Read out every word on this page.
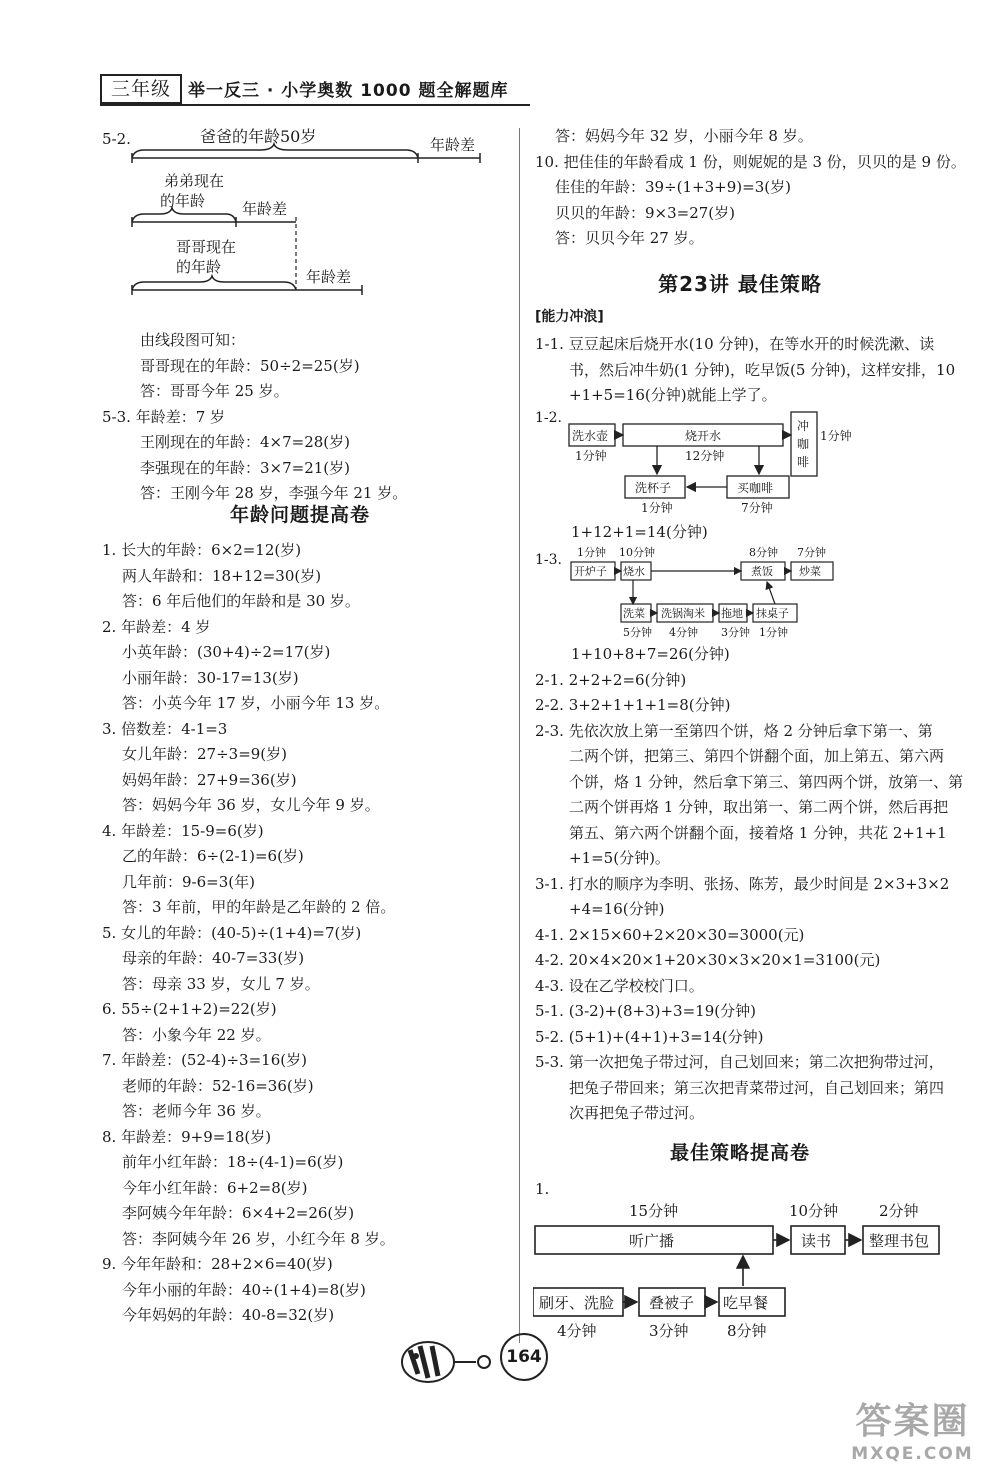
三年级	举一反三 · 小学奥数 1000 题全解题库
5-2.	爸爸的年龄50岁	年龄差
弟弟现在
的年龄 年龄差
哥哥现在
的年龄
年龄差
由线段图可知：
哥哥现在的年龄：50÷2=25(岁)
答：哥哥今年 25 岁。
5-3. 年龄差：7 岁
王刚现在的年龄：4×7=28(岁)
李强现在的年龄：3×7=21(岁)
答：王刚今年 28 岁，李强今年 21 岁。
年龄问题提高卷
1. 长大的年龄：6×2=12(岁)
两人年龄和：18+12=30(岁)
答：6 年后他们的年龄和是 30 岁。
2. 年龄差：4 岁
小英年龄：(30+4)÷2=17(岁)
小丽年龄：30-17=13(岁)
答：小英今年 17 岁，小丽今年 13 岁。
3. 倍数差：4-1=3
女儿年龄：27÷3=9(岁)
妈妈年龄：27+9=36(岁)
答：妈妈今年 36 岁，女儿今年 9 岁。
4. 年龄差：15-9=6(岁)
乙的年龄：6÷(2-1)=6(岁)
几年前：9-6=3(年)
答：3 年前，甲的年龄是乙年龄的 2 倍。
5. 女儿的年龄：(40-5)÷(1+4)=7(岁)
母亲的年龄：40-7=33(岁)
答：母亲 33 岁，女儿 7 岁。
6. 55÷(2+1+2)=22(岁)
答：小象今年 22 岁。
7. 年龄差：(52-4)÷3=16(岁)
老师的年龄：52-16=36(岁)
答：老师今年 36 岁。
8. 年龄差：9+9=18(岁)
前年小红年龄：18÷(4-1)=6(岁)
今年小红年龄：6+2=8(岁)
李阿姨今年年龄：6×4+2=26(岁)
答：李阿姨今年 26 岁，小红今年 8 岁。
9. 今年年龄和：28+2×6=40(岁)
今年小丽的年龄：40÷(1+4)=8(岁)
今年妈妈的年龄：40-8=32(岁)
答：妈妈今年 32 岁，小丽今年 8 岁。
10. 把佳佳的年龄看成 1 份，则妮妮的是 3 份，贝贝的是 9 份。
佳佳的年龄：39÷(1+3+9)=3(岁)
贝贝的年龄：9×3=27(岁)
答：贝贝今年 27 岁。
第23讲 最佳策略
[能力冲浪]
1-1. 豆豆起床后烧开水(10 分钟)，在等水开的时候洗漱、读
书，然后冲牛奶(1 分钟)，吃早饭(5 分钟)，这样安排，10
+1+5=16(分钟)就能上学了。
1-2.
洗水壶	烧开水
冲
咖
啡
1分钟
1分钟	12分钟
洗杯子	买咖啡
1分钟	7分钟
1+12+1=14(分钟)
1-3. 1分钟 10分钟	8分钟 7分钟
开炉子 烧水	煮饭 炒菜
洗菜 洗锅淘米 拖地 抹桌子
5分钟 4分钟 3分钟 1分钟
1+10+8+7=26(分钟)
2-1. 2+2+2=6(分钟)
2-2. 3+2+1+1+1=8(分钟)
2-3. 先依次放上第一至第四个饼，烙 2 分钟后拿下第一、第
二两个饼，把第三、第四个饼翻个面，加上第五、第六两
个饼，烙 1 分钟，然后拿下第三、第四两个饼，放第一、第
二两个饼再烙 1 分钟，取出第一、第二两个饼，然后再把
第五、第六两个饼翻个面，接着烙 1 分钟，共花 2+1+1
+1=5(分钟)。
3-1. 打水的顺序为李明、张扬、陈芳，最少时间是 2×3+3×2
+4=16(分钟)
4-1. 2×15×60+2×20×30=3000(元)
4-2. 20×4×20×1+20×30×3×20×1=3100(元)
4-3. 设在乙学校校门口。
5-1. (3-2)+(8+3)+3=19(分钟)
5-2. (5+1)+(4+1)+3=14(分钟)
5-3. 第一次把兔子带过河，自己划回来；第二次把狗带过河，
把兔子带回来；第三次把青菜带过河，自己划回来；第四
次再把兔子带过河。
最佳策略提高卷
1.
15分钟	10分钟	2分钟
听广播	读书	整理书包
刷牙、洗脸 叠被子 吃早餐
4分钟	3分钟	8分钟
164
答案圈
MXQE.COM
